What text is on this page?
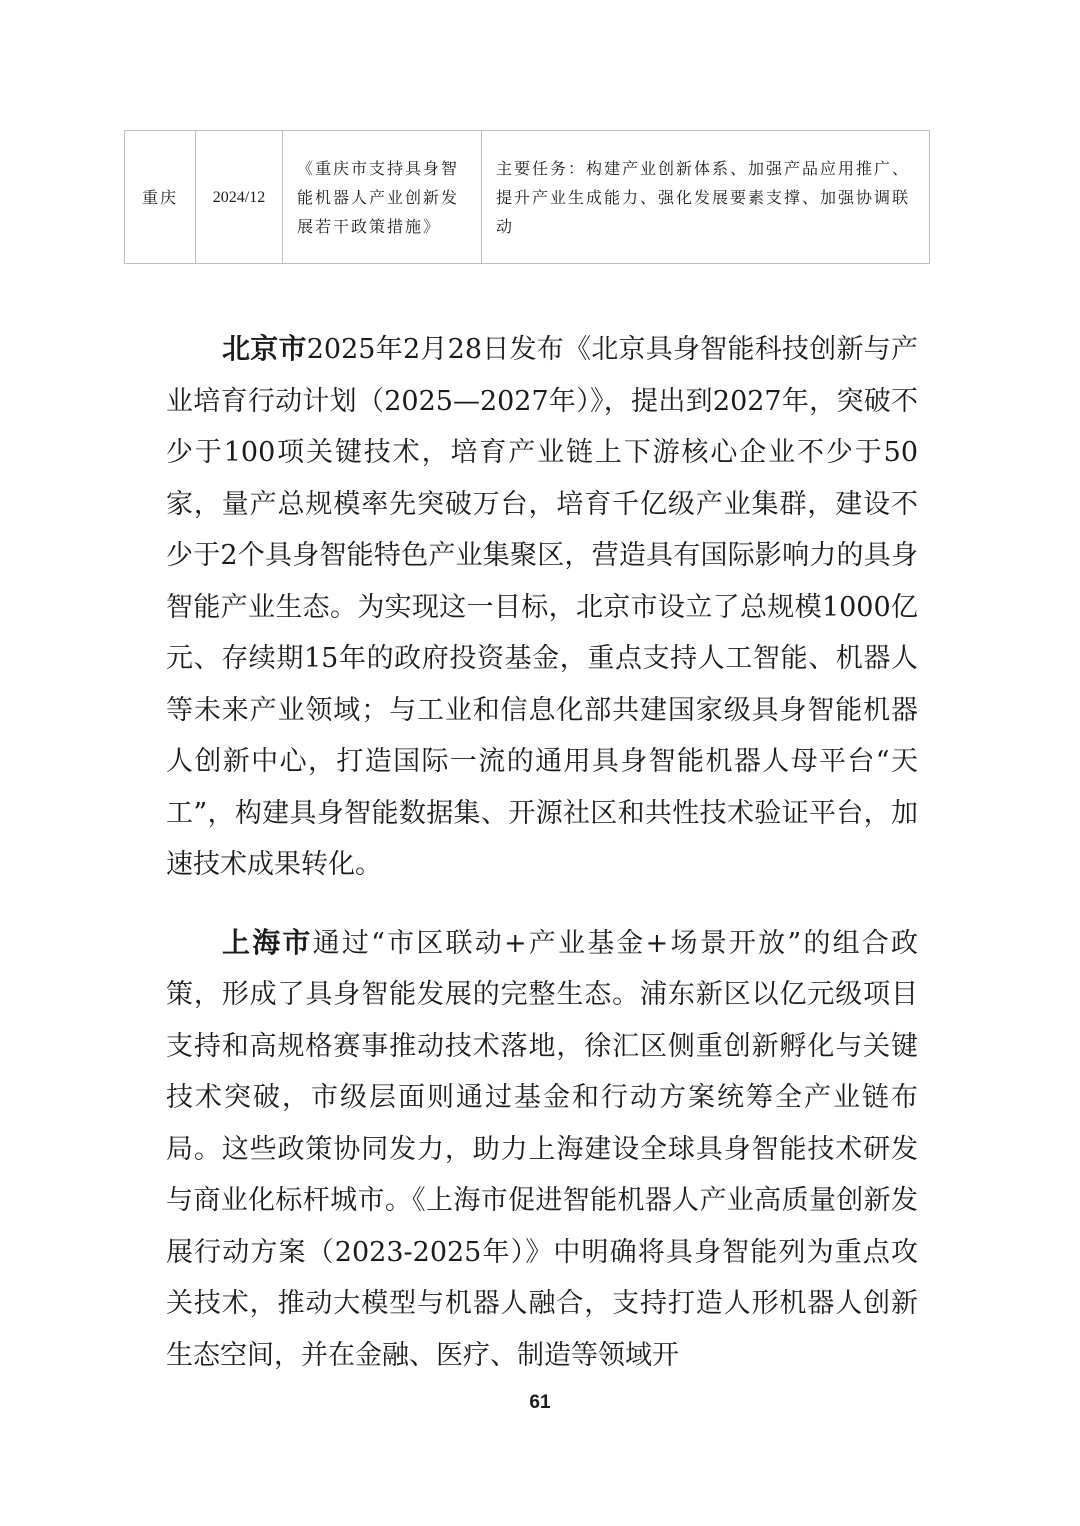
重庆	2024/12	《重庆市支持具身智能机器人产业创新发展若干政策措施》	主要任务：构建产业创新体系、加强产品应用推广、提升产业生成能力、强化发展要素支撑、加强协调联动

北京市2025年2月28日发布《北京具身智能科技创新与产业培育行动计划（2025—2027年）》，提出到2027年，突破不少于100项关键技术，培育产业链上下游核心企业不少于50家，量产总规模率先突破万台，培育千亿级产业集群，建设不少于2个具身智能特色产业集聚区，营造具有国际影响力的具身智能产业生态。为实现这一目标，北京市设立了总规模1000亿元、存续期15年的政府投资基金，重点支持人工智能、机器人等未来产业领域；与工业和信息化部共建国家级具身智能机器人创新中心，打造国际一流的通用具身智能机器人母平台“天工”，构建具身智能数据集、开源社区和共性技术验证平台，加速技术成果转化。

上海市通过“市区联动+产业基金+场景开放”的组合政策，形成了具身智能发展的完整生态。浦东新区以亿元级项目支持和高规格赛事推动技术落地，徐汇区侧重创新孵化与关键技术突破，市级层面则通过基金和行动方案统筹全产业链布局。这些政策协同发力，助力上海建设全球具身智能技术研发与商业化标杆城市。《上海市促进智能机器人产业高质量创新发展行动方案（2023-2025年）》中明确将具身智能列为重点攻关技术，推动大模型与机器人融合，支持打造人形机器人创新生态空间，并在金融、医疗、制造等领域开

61
